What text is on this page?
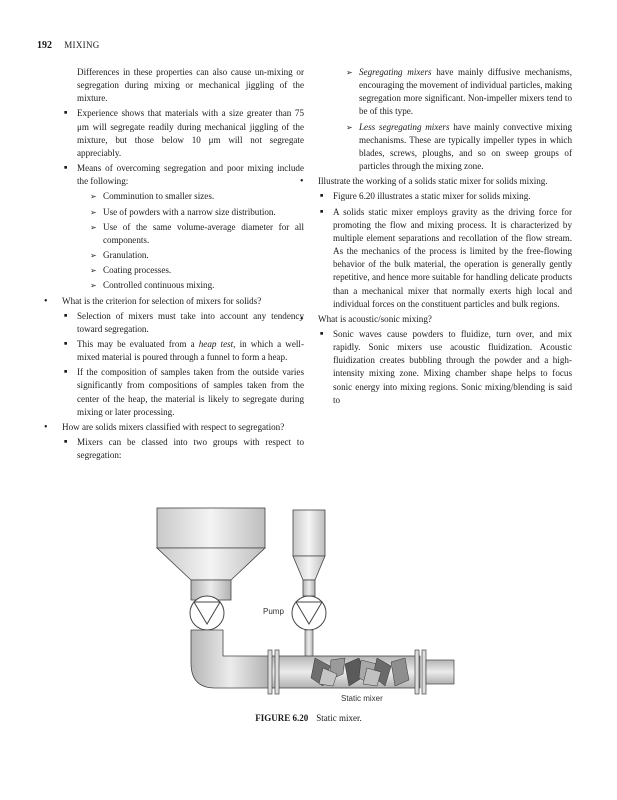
192 MIXING

Differences in these properties can also cause un-mixing or segregation during mixing or mechanical jiggling of the mixture.

■ Experience shows that materials with a size greater than 75 μm will segregate readily during mechanical jiggling of the mixture, but those below 10 μm will not segregate appreciably.

■ Means of overcoming segregation and poor mixing include the following:

➢ Comminution to smaller sizes.

➢ Use of powders with a narrow size distribution.

➢ Use of the same volume-average diameter for all components.

➢ Granulation.

➢ Coating processes.

➢ Controlled continuous mixing.

• What is the criterion for selection of mixers for solids?

■ Selection of mixers must take into account any tendency toward segregation.

■ This may be evaluated from a heap test, in which a well-mixed material is poured through a funnel to form a heap.

■ If the composition of samples taken from the outside varies significantly from compositions of samples taken from the center of the heap, the material is likely to segregate during mixing or later processing.

• How are solids mixers classified with respect to segregation?

■ Mixers can be classed into two groups with respect to segregation:

➢ Segregating mixers have mainly diffusive mechanisms, encouraging the movement of individual particles, making segregation more significant. Non-impeller mixers tend to be of this type.

➢ Less segregating mixers have mainly convective mixing mechanisms. These are typically impeller types in which blades, screws, ploughs, and so on sweep groups of particles through the mixing zone.

• Illustrate the working of a solids static mixer for solids mixing.

■ Figure 6.20 illustrates a static mixer for solids mixing.

■ A solids static mixer employs gravity as the driving force for promoting the flow and mixing process. It is characterized by multiple element separations and recollation of the flow stream. As the mechanics of the process is limited by the free-flowing behavior of the bulk material, the operation is generally gently repetitive, and hence more suitable for handling delicate products than a mechanical mixer that normally exerts high local and individual forces on the constituent particles and bulk regions.

• What is acoustic/sonic mixing?

■ Sonic waves cause powders to fluidize, turn over, and mix rapidly. Sonic mixers use acoustic fluidization. Acoustic fluidization creates bubbling through the powder and a high-intensity mixing zone. Mixing chamber shape helps to focus sonic energy into mixing regions. Sonic mixing/blending is said to

Pump
Static mixer
FIGURE 6.20 Static mixer.
